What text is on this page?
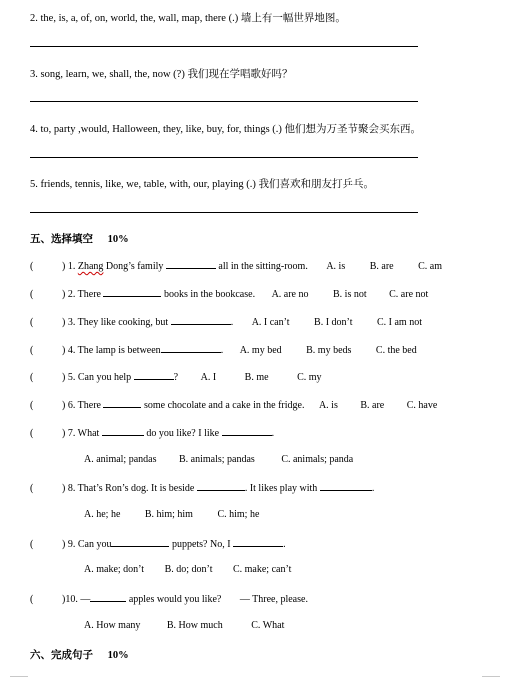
2. the, is, a, of, on, world, the, wall, map, there (.) 墙上有一幅世界地图。
3. song, learn, we, shall, the, now (?) 我们现在学唱歌好吗？
4. to, party ,would, Halloween, they, like, buy, for, things (.) 他们想为万圣节聚会买东西。
5. friends, tennis, like, we, table, with, our, playing (.) 我们喜欢和朋友打乒乓。
五、选择填空 10%
(	) 1. Zhang Dong’s family	all in the sitting-room. A. is B. are C. am
(	) 2. There	books in the bookcase. A. are no B. is not C. are not
(	) 3. They like cooking, but	. A. I can’t B. I don’t C. I am not
(	) 4. The lamp is between	. A. my bed B. my beds C. the bed
(	) 5. Can you help	? A. I	B. me	C. my
(	) 6. There	some chocolate and a cake in the fridge. A. is B. are C. have
(	) 7. What	do you like? I like	.
A. animal; pandas B. animals; pandas	C. animals; panda
(	) 8. That’s Ron’s dog. It is beside	. It likes play with	.
A. he; he B. him; him C. him; he
(	) 9. Can you	puppets? No, I	.
A. make; don’t B. do; don’t C. make; can’t
(	)10. —	apples would you like? — Three, please.
A. How many	B. How much	C. What
六、完成句子 10%
